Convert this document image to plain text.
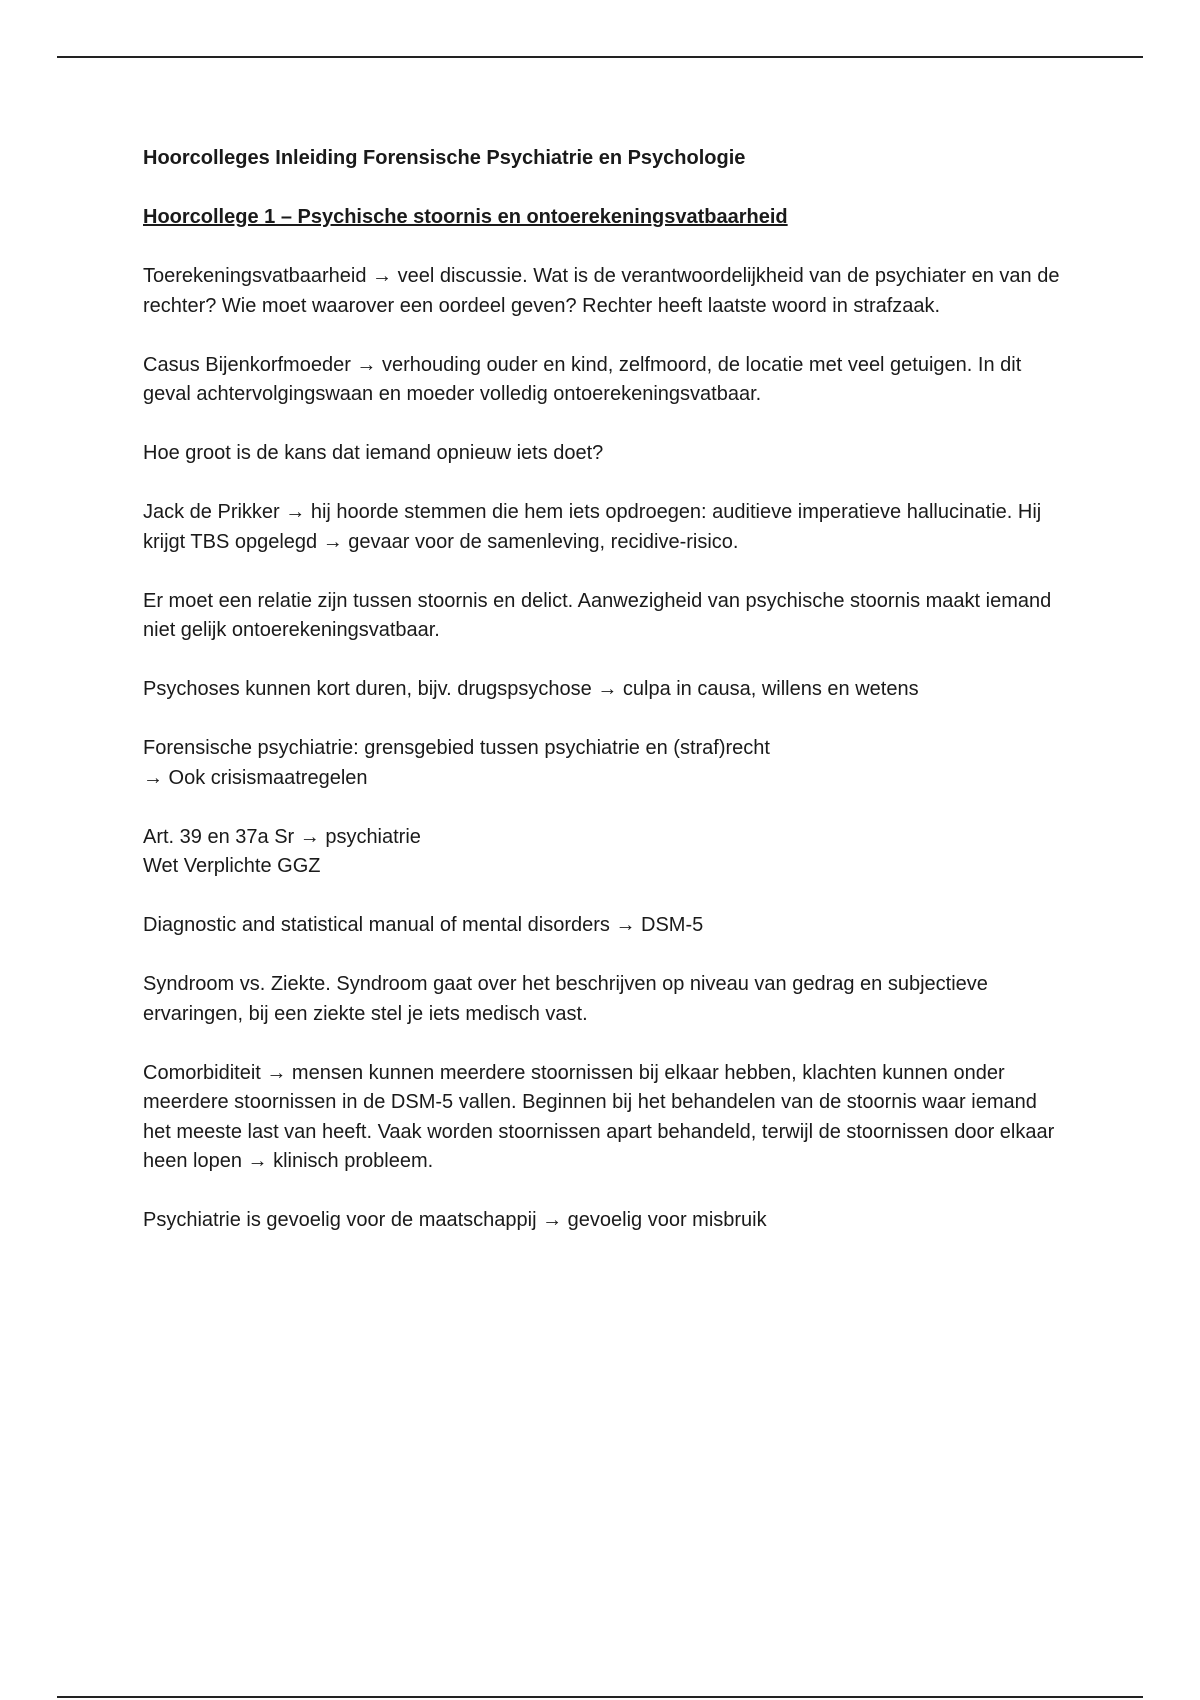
Hoorcolleges Inleiding Forensische Psychiatrie en Psychologie
Hoorcollege 1 – Psychische stoornis en ontoerekeningsvatbaarheid
Toerekeningsvatbaarheid → veel discussie. Wat is de verantwoordelijkheid van de psychiater en van de rechter? Wie moet waarover een oordeel geven? Rechter heeft laatste woord in strafzaak.
Casus Bijenkorfmoeder → verhouding ouder en kind, zelfmoord, de locatie met veel getuigen. In dit geval achtervolgingswaan en moeder volledig ontoerekeningsvatbaar.
Hoe groot is de kans dat iemand opnieuw iets doet?
Jack de Prikker → hij hoorde stemmen die hem iets opdroegen: auditieve imperatieve hallucinatie. Hij krijgt TBS opgelegd → gevaar voor de samenleving, recidive-risico.
Er moet een relatie zijn tussen stoornis en delict. Aanwezigheid van psychische stoornis maakt iemand niet gelijk ontoerekeningsvatbaar.
Psychoses kunnen kort duren, bijv. drugspsychose → culpa in causa, willens en wetens
Forensische psychiatrie: grensgebied tussen psychiatrie en (straf)recht
→ Ook crisismaatregelen
Art. 39 en 37a Sr → psychiatrie
Wet Verplichte GGZ
Diagnostic and statistical manual of mental disorders → DSM-5
Syndroom vs. Ziekte. Syndroom gaat over het beschrijven op niveau van gedrag en subjectieve ervaringen, bij een ziekte stel je iets medisch vast.
Comorbiditeit → mensen kunnen meerdere stoornissen bij elkaar hebben, klachten kunnen onder meerdere stoornissen in de DSM-5 vallen. Beginnen bij het behandelen van de stoornis waar iemand het meeste last van heeft. Vaak worden stoornissen apart behandeld, terwijl de stoornissen door elkaar heen lopen → klinisch probleem.
Psychiatrie is gevoelig voor de maatschappij → gevoelig voor misbruik
